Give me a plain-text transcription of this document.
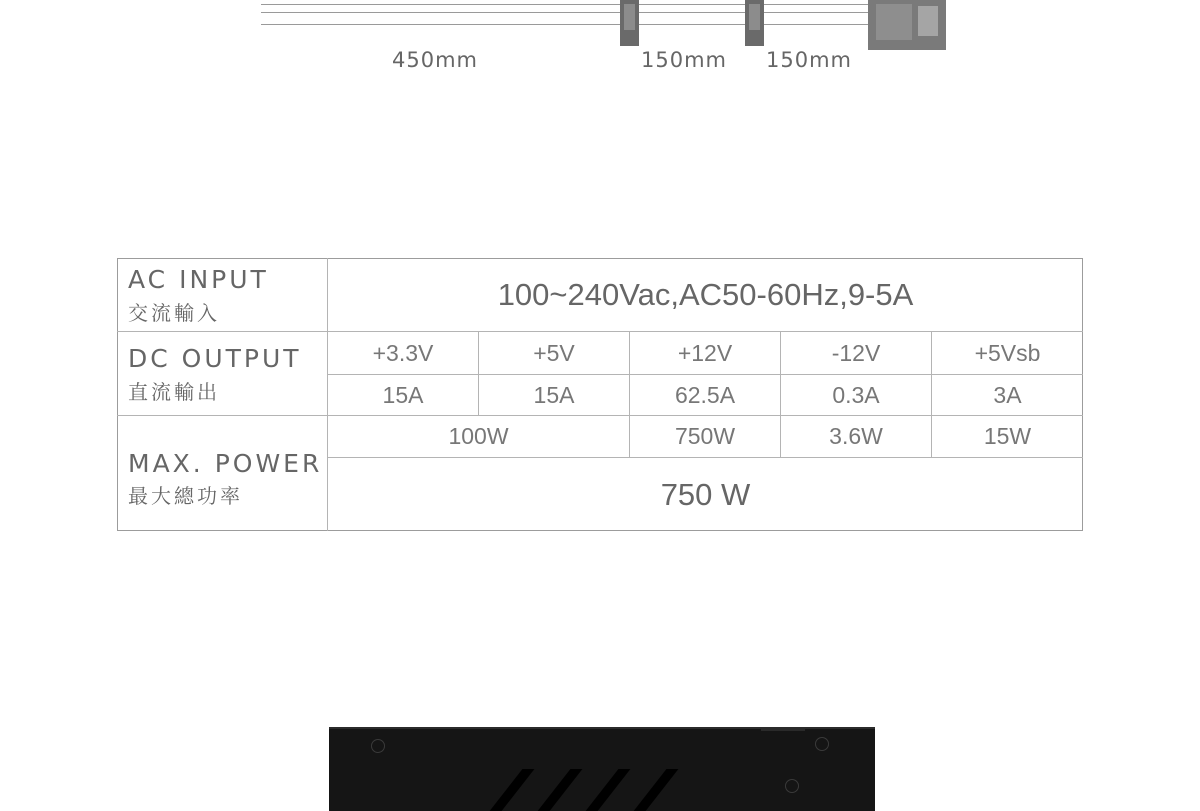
450mm	150mm 150mm
AC INPUT
交流輸入
100~240Vac,AC50-60Hz,9-5A
DC OUTPUT
直流輸出
+3.3V	+5V	+12V	-12V	+5Vsb
15A	15A	62.5A	0.3A	3A
MAX. POWER
最大總功率
100W	750W	3.6W	15W
750 W
